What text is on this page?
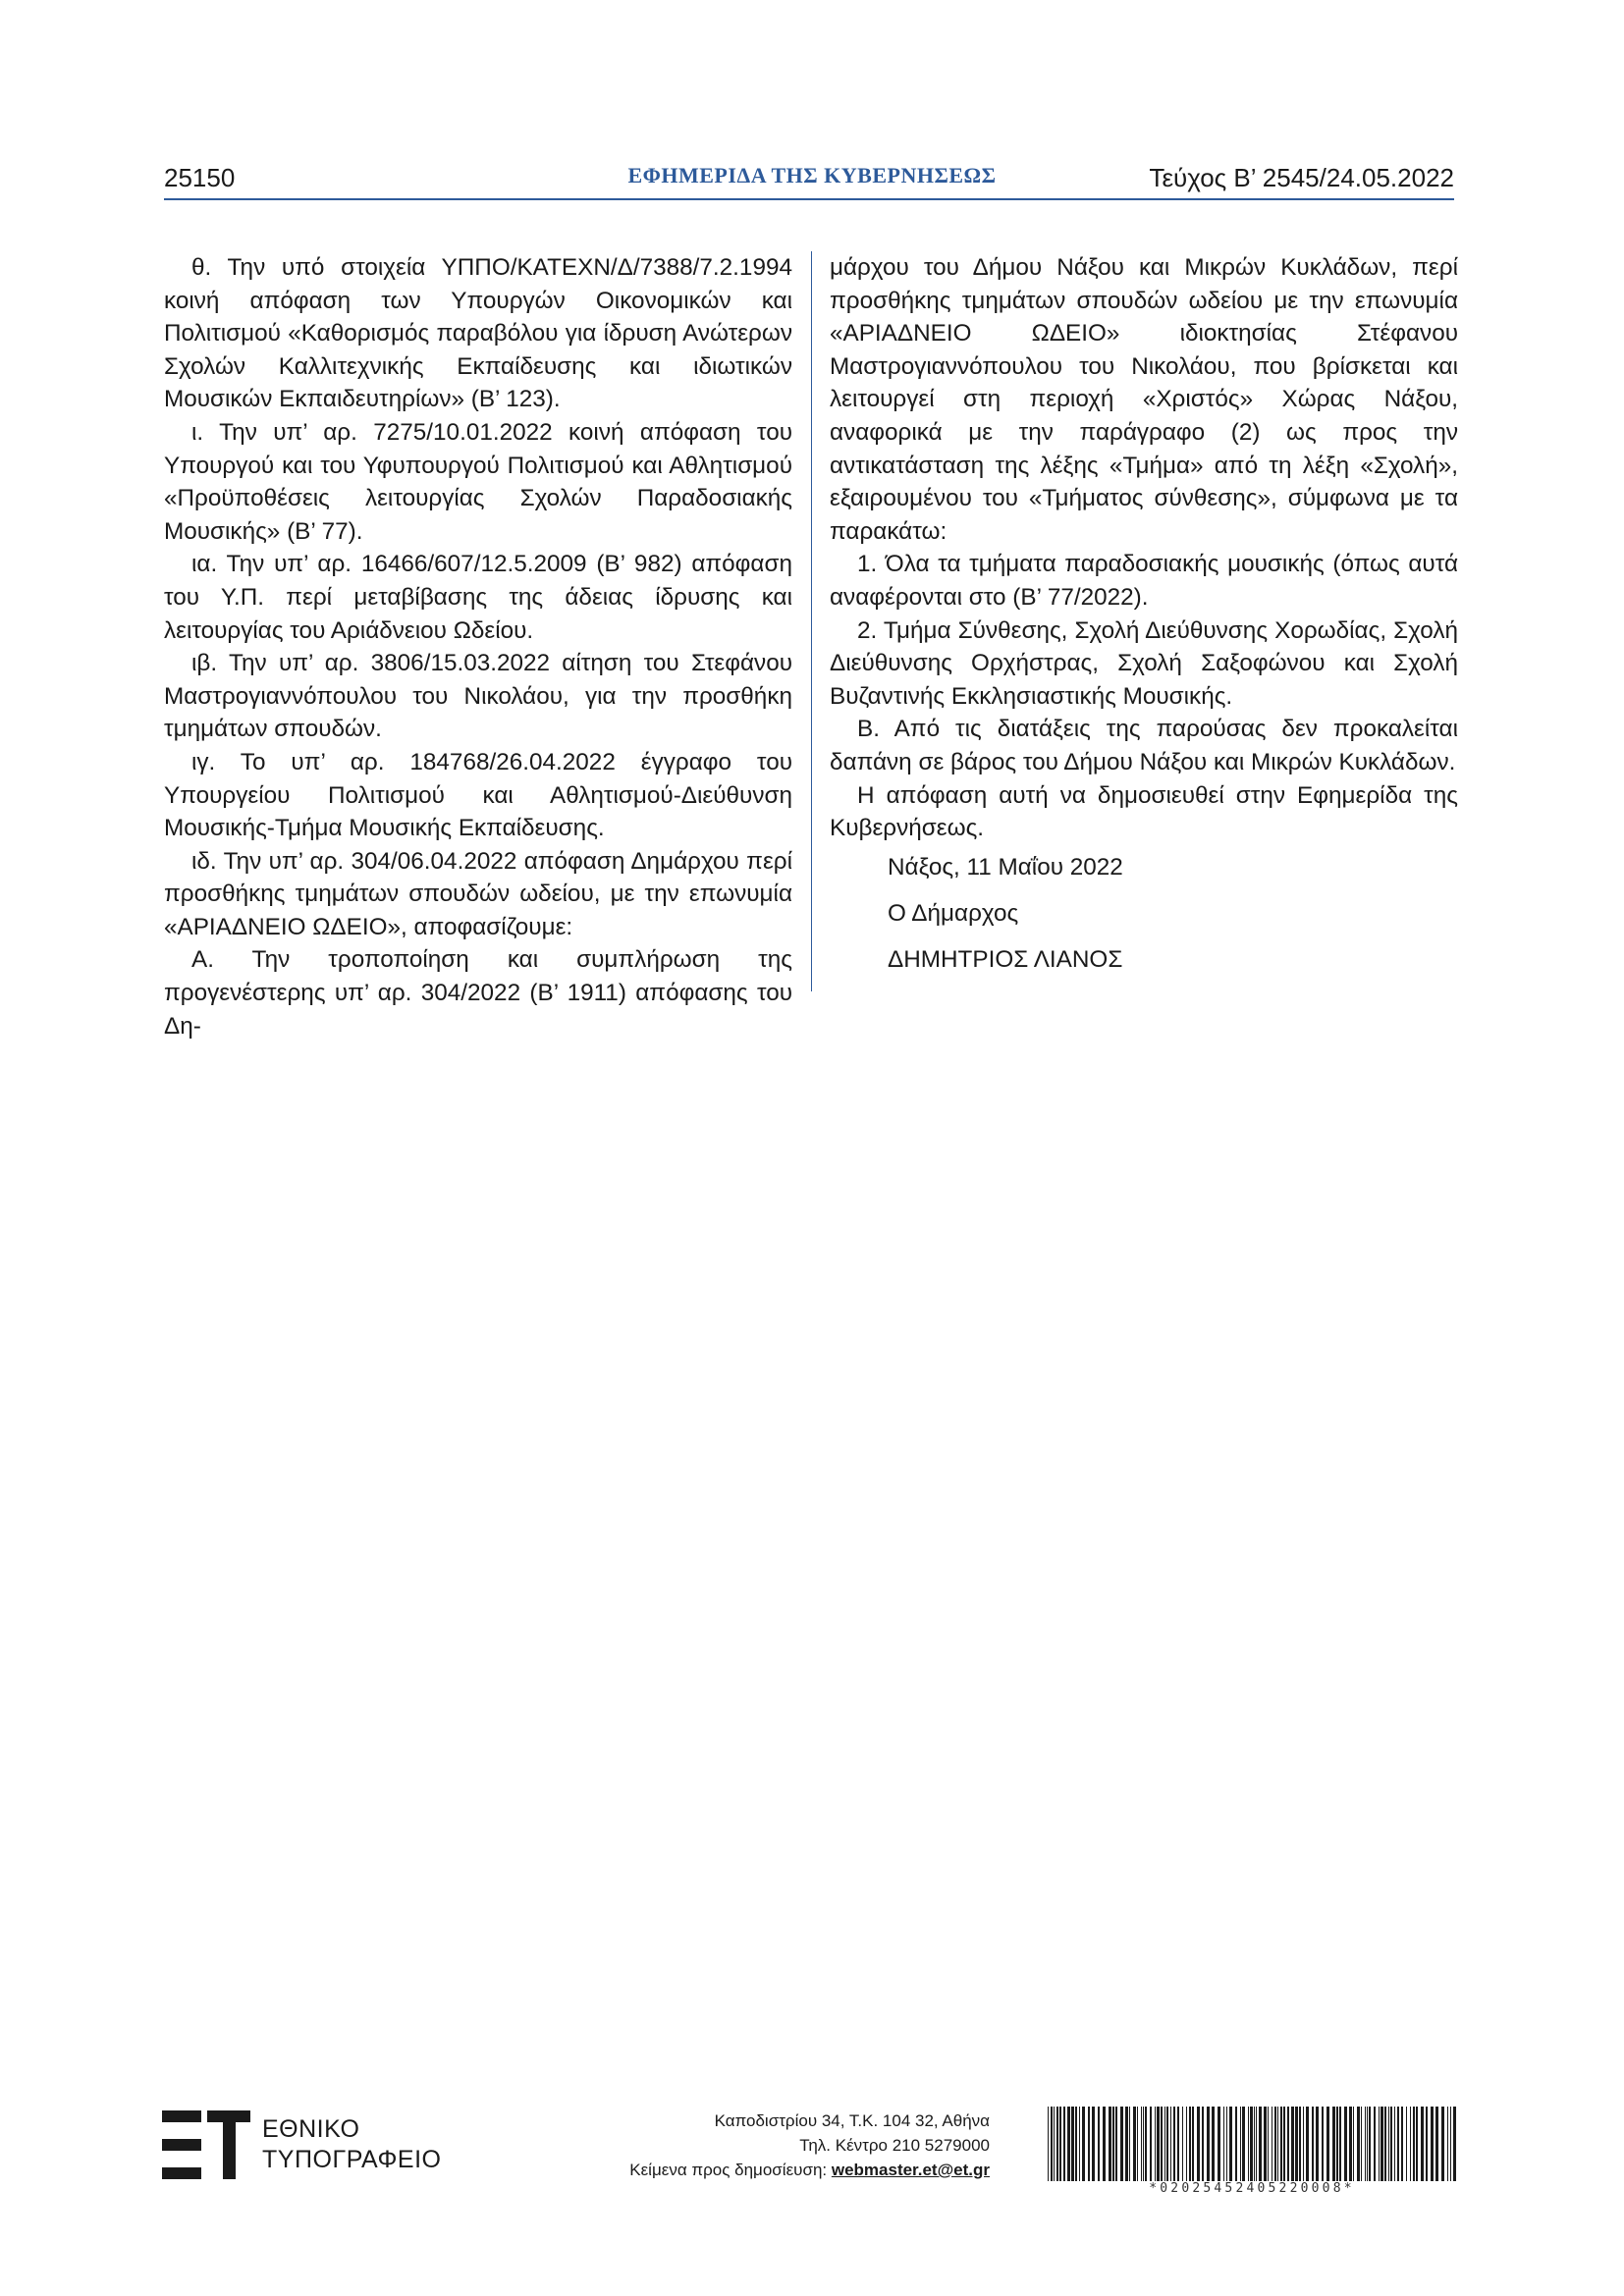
25150	ΕΦΗΜΕΡΙΔΑ ΤΗΣ ΚΥΒΕΡΝΗΣΕΩΣ	Τεύχος B’ 2545/24.05.2022

θ. Την υπό στοιχεία ΥΠΠΟ/ΚΑΤΕΧΝ/Δ/7388/7.2.1994 κοινή απόφαση των Υπουργών Οικονομικών και Πολιτισμού «Καθορισμός παραβόλου για ίδρυση Ανώτερων Σχολών Καλλιτεχνικής Εκπαίδευσης και ιδιωτικών Μουσικών Εκπαιδευτηρίων» (Β’ 123).

ι. Την υπ’ αρ. 7275/10.01.2022 κοινή απόφαση του Υπουργού και του Υφυπουργού Πολιτισμού και Αθλητισμού «Προϋποθέσεις λειτουργίας Σχολών Παραδοσιακής Μουσικής» (Β’ 77).

ια. Την υπ’ αρ. 16466/607/12.5.2009 (Β’ 982) απόφαση του Υ.Π. περί μεταβίβασης της άδειας ίδρυσης και λειτουργίας του Αριάδνειου Ωδείου.

ιβ. Την υπ’ αρ. 3806/15.03.2022 αίτηση του Στεφάνου Μαστρογιαννόπουλου του Νικολάου, για την προσθήκη τμημάτων σπουδών.

ιγ. Το υπ’ αρ. 184768/26.04.2022 έγγραφο του Υπουργείου Πολιτισμού και Αθλητισμού-Διεύθυνση Μουσικής-Τμήμα Μουσικής Εκπαίδευσης.

ιδ. Την υπ’ αρ. 304/06.04.2022 απόφαση Δημάρχου περί προσθήκης τμημάτων σπουδών ωδείου, με την επωνυμία «ΑΡΙΑΔΝΕΙΟ ΩΔΕΙΟ», αποφασίζουμε:

Α. Την τροποποίηση και συμπλήρωση της προγενέστερης υπ’ αρ. 304/2022 (Β’ 1911) απόφασης του Δη-

μάρχου του Δήμου Νάξου και Μικρών Κυκλάδων, περί προσθήκης τμημάτων σπουδών ωδείου με την επωνυμία «ΑΡΙΑΔΝΕΙΟ ΩΔΕΙΟ» ιδιοκτησίας Στέφανου Μαστρογιαννόπουλου του Νικολάου, που βρίσκεται και λειτουργεί στη περιοχή «Χριστός» Χώρας Νάξου, αναφορικά με την παράγραφο (2) ως προς την αντικατάσταση της λέξης «Τμήμα» από τη λέξη «Σχολή», εξαιρουμένου του «Τμήματος σύνθεσης», σύμφωνα με τα παρακάτω:

1. Όλα τα τμήματα παραδοσιακής μουσικής (όπως αυτά αναφέρονται στο (Β’ 77/2022).

2. Τμήμα Σύνθεσης, Σχολή Διεύθυνσης Χορωδίας, Σχολή Διεύθυνσης Ορχήστρας, Σχολή Σαξοφώνου και Σχολή Βυζαντινής Εκκλησιαστικής Μουσικής.

Β. Από τις διατάξεις της παρούσας δεν προκαλείται δαπάνη σε βάρος του Δήμου Νάξου και Μικρών Κυκλάδων.

Η απόφαση αυτή να δημοσιευθεί στην Εφημερίδα της Κυβερνήσεως.

Νάξος, 11 Μαΐου 2022
Ο Δήμαρχος
ΔΗΜΗΤΡΙΟΣ ΛΙΑΝΟΣ
ΕΘΝΙΚΟ
ΤΥΠΟΓΡΑΦΕΙΟ
Καποδιστρίου 34, Τ.Κ. 104 32, Αθήνα
Τηλ. Κέντρο 210 5279000
Κείμενα προς δημοσίευση: webmaster.et@et.gr
*02025452405220008*
